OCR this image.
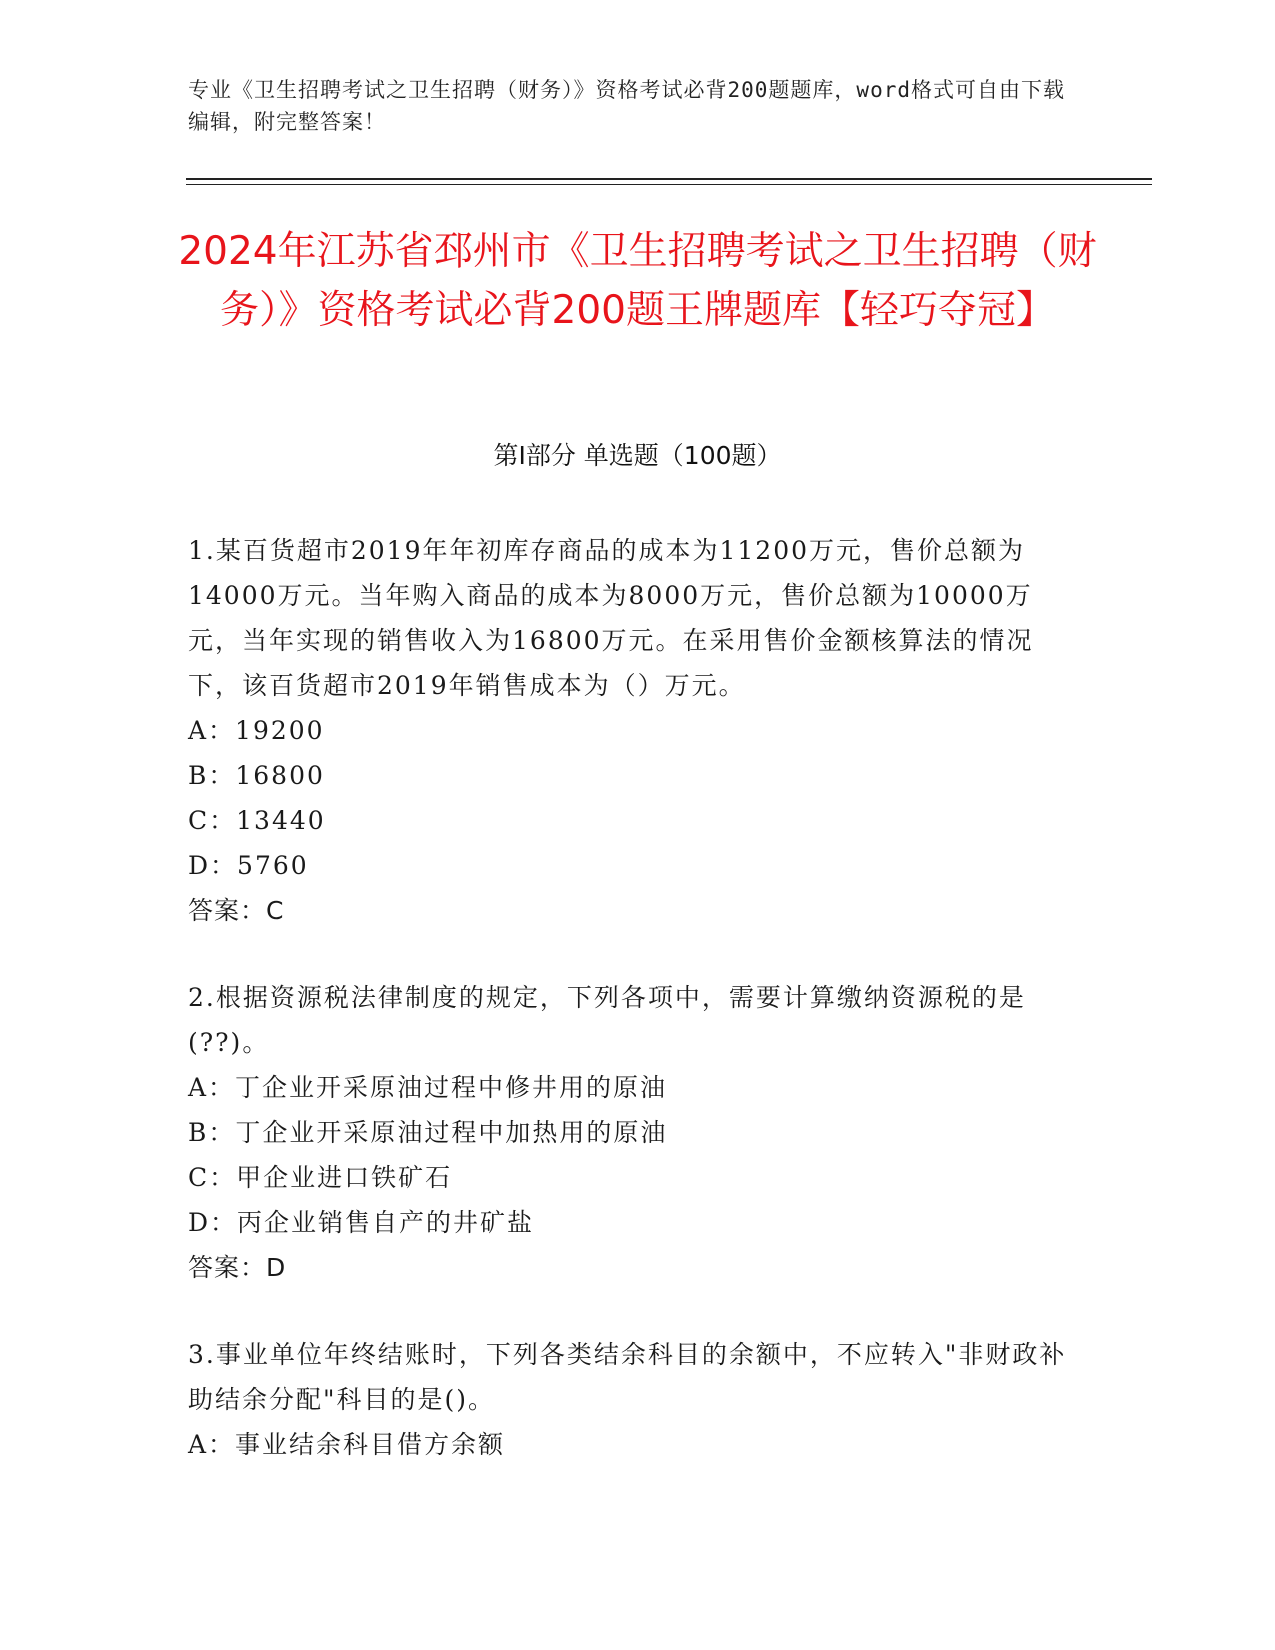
专业《卫生招聘考试之卫生招聘（财务）》资格考试必背200题题库，word格式可自由下载编辑，附完整答案！
2024年江苏省邳州市《卫生招聘考试之卫生招聘（财务）》资格考试必背200题王牌题库【轻巧夺冠】
第I部分 单选题（100题）

1.某百货超市2019年年初库存商品的成本为11200万元，售价总额为14000万元。当年购入商品的成本为8000万元，售价总额为10000万元，当年实现的销售收入为16800万元。在采用售价金额核算法的情况下，该百货超市2019年销售成本为（）万元。

A：19200

B：16800

C：13440

D：5760

答案：C

2.根据资源税法律制度的规定，下列各项中，需要计算缴纳资源税的是(??)。

A：丁企业开采原油过程中修井用的原油

B：丁企业开采原油过程中加热用的原油

C：甲企业进口铁矿石

D：丙企业销售自产的井矿盐

答案：D

3.事业单位年终结账时，下列各类结余科目的余额中，不应转入"非财政补助结余分配"科目的是()。

A：事业结余科目借方余额
